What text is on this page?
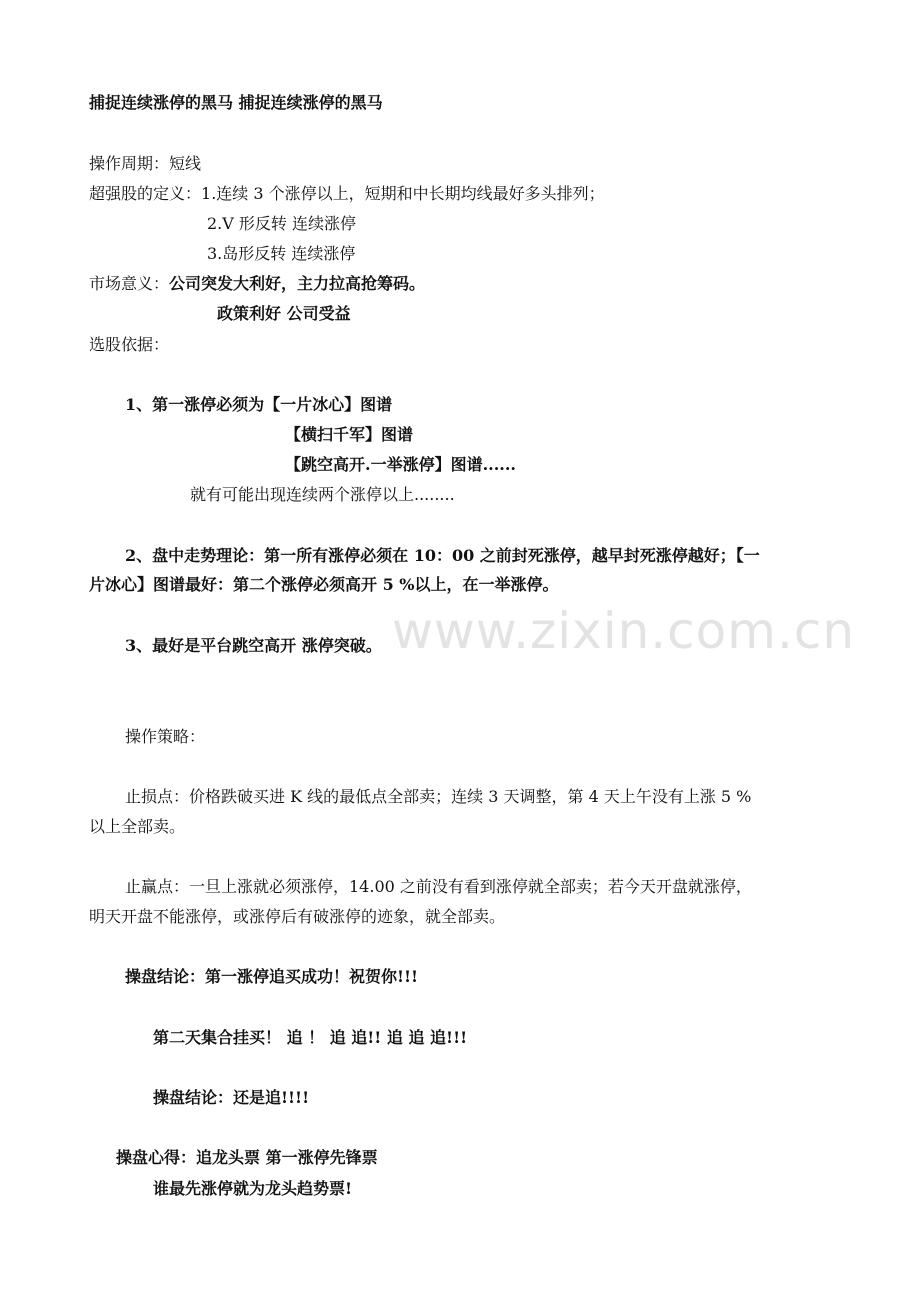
www.zixin.com.cn
捕捉连续涨停的黑马 捕捉连续涨停的黑马
操作周期：短线
超强股的定义：1.连续 3 个涨停以上，短期和中长期均线最好多头排列；
2.V 形反转 连续涨停
3.岛形反转 连续涨停
市场意义：公司突发大利好，主力拉高抢筹码。
政策利好 公司受益
选股依据：
1、第一涨停必须为【一片冰心】图谱
【横扫千军】图谱
【跳空高开.一举涨停】图谱......
就有可能出现连续两个涨停以上........
2、盘中走势理论：第一所有涨停必须在 10：00 之前封死涨停，越早封死涨停越好；【一
片冰心】图谱最好：第二个涨停必须高开 5 %以上，在一举涨停。
3、最好是平台跳空高开 涨停突破。
操作策略：
止损点：价格跌破买进 K 线的最低点全部卖；连续 3 天调整，第 4 天上午没有上涨 5 %
以上全部卖。
止赢点：一旦上涨就必须涨停，14.00 之前没有看到涨停就全部卖；若今天开盘就涨停，
明天开盘不能涨停，或涨停后有破涨停的迹象，就全部卖。
操盘结论：第一涨停追买成功！祝贺你!!!
第二天集合挂买！ 追 ！ 追 追!! 追 追 追!!!
操盘结论：还是追!!!!
操盘心得：追龙头票 第一涨停先锋票
谁最先涨停就为龙头趋势票!
